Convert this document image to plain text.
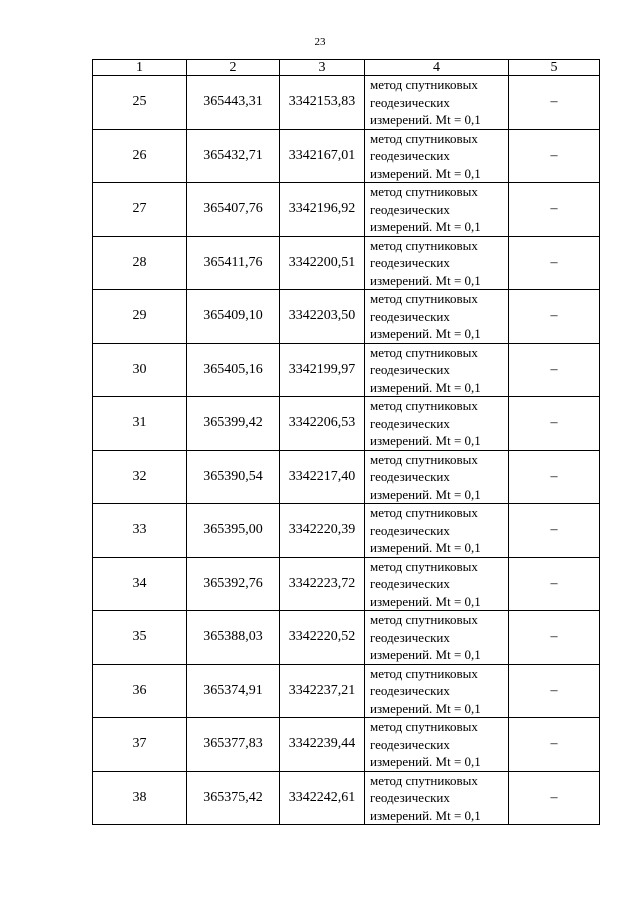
23
1	2	3	4	5
25	365443,31	3342153,83	метод спутниковых
геодезических
измерений. Mt = 0,1	–
26	365432,71	3342167,01	метод спутниковых
геодезических
измерений. Mt = 0,1	–
27	365407,76	3342196,92	метод спутниковых
геодезических
измерений. Mt = 0,1	–
28	365411,76	3342200,51	метод спутниковых
геодезических
измерений. Mt = 0,1	–
29	365409,10	3342203,50	метод спутниковых
геодезических
измерений. Mt = 0,1	–
30	365405,16	3342199,97	метод спутниковых
геодезических
измерений. Mt = 0,1	–
31	365399,42	3342206,53	метод спутниковых
геодезических
измерений. Mt = 0,1	–
32	365390,54	3342217,40	метод спутниковых
геодезических
измерений. Mt = 0,1	–
33	365395,00	3342220,39	метод спутниковых
геодезических
измерений. Mt = 0,1	–
34	365392,76	3342223,72	метод спутниковых
геодезических
измерений. Mt = 0,1	–
35	365388,03	3342220,52	метод спутниковых
геодезических
измерений. Mt = 0,1	–
36	365374,91	3342237,21	метод спутниковых
геодезических
измерений. Mt = 0,1	–
37	365377,83	3342239,44	метод спутниковых
геодезических
измерений. Mt = 0,1	–
38	365375,42	3342242,61	метод спутниковых
геодезических
измерений. Mt = 0,1	–
